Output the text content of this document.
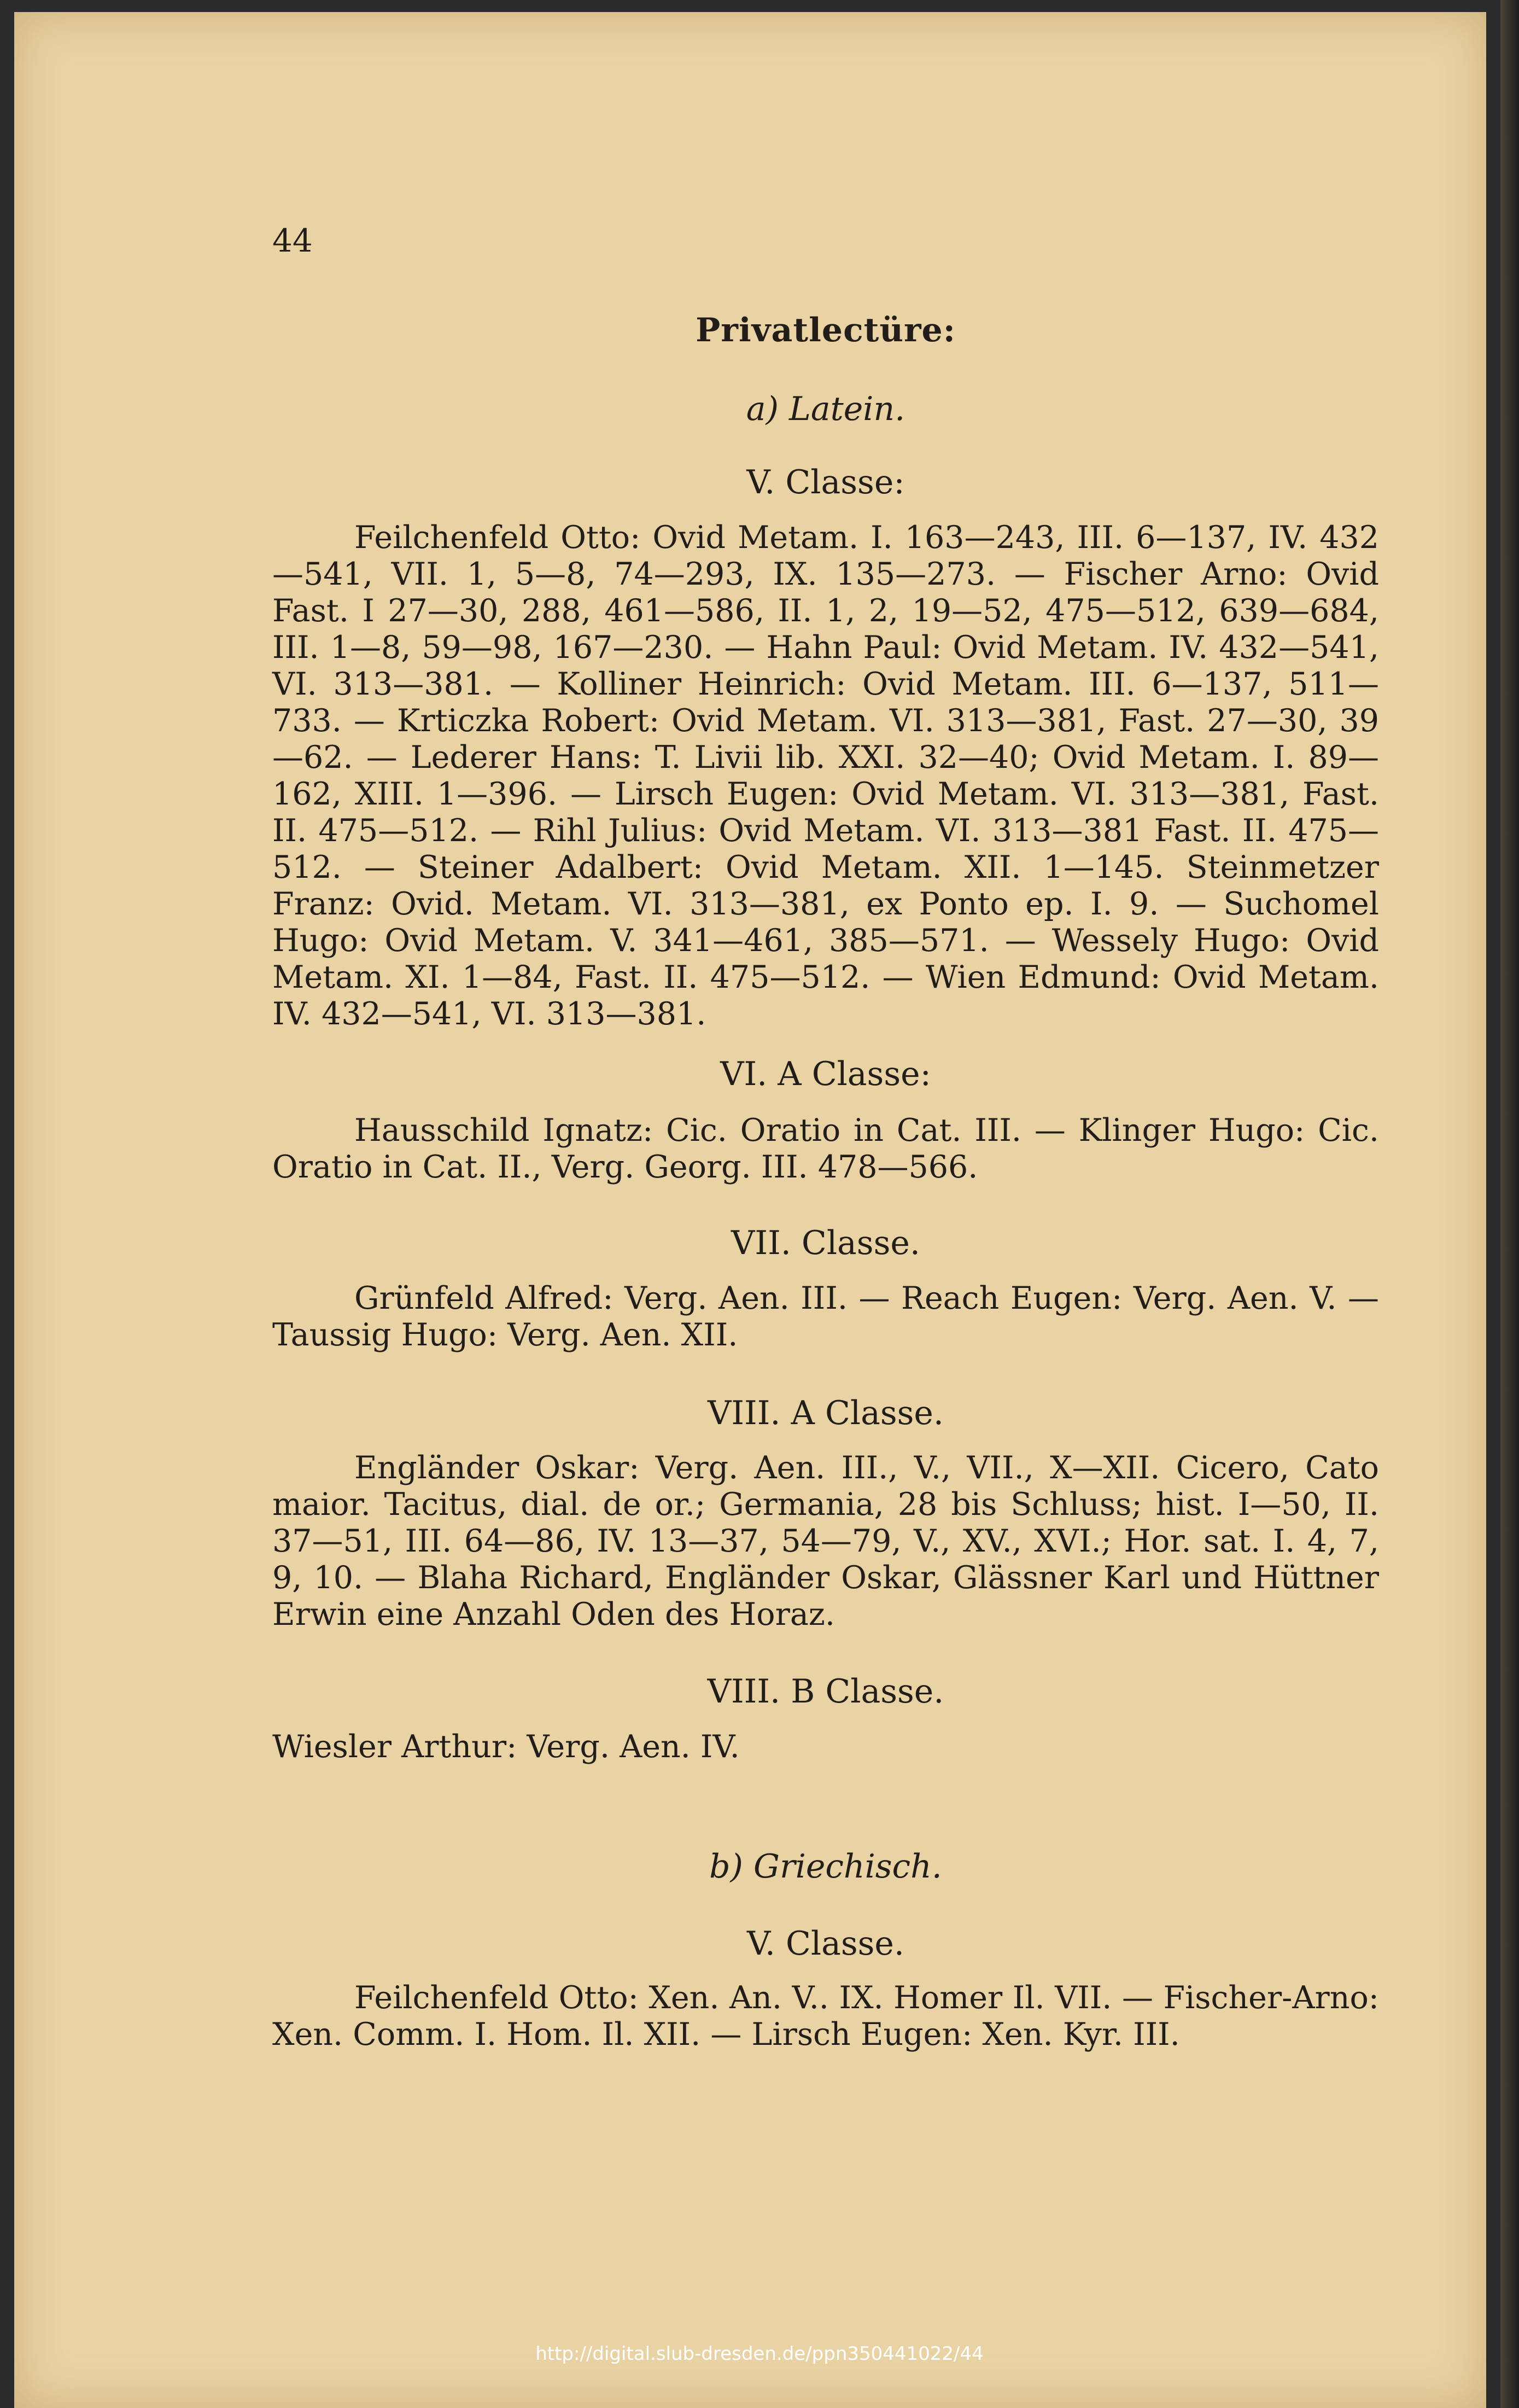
44
Privatlectüre:
a) Latein.
V. Classe:

Feilchenfeld Otto: Ovid Metam. I. 163—243, III. 6—137, IV. 432—541, VII. 1, 5—8, 74—293, IX. 135—273. — Fischer Arno: Ovid Fast. I 27—30, 288, 461—586, II. 1, 2, 19—52, 475—512, 639—684, III. 1—8, 59—98, 167—230. — Hahn Paul: Ovid Metam. IV. 432—541, VI. 313—381. — Kolliner Heinrich: Ovid Metam. III. 6—137, 511—733. — Krticzka Robert: Ovid Metam. VI. 313—381, Fast. 27—30, 39—62. — Lederer Hans: T. Livii lib. XXI. 32—40; Ovid Metam. I. 89—162, XIII. 1—396. — Lirsch Eugen: Ovid Metam. VI. 313—381, Fast. II. 475—512. — Rihl Julius: Ovid Metam. VI. 313—381 Fast. II. 475—512. — Steiner Adalbert: Ovid Metam. XII. 1—145. Steinmetzer Franz: Ovid. Metam. VI. 313—381, ex Ponto ep. I. 9. — Suchomel Hugo: Ovid Metam. V. 341—461, 385—571. — Wessely Hugo: Ovid Metam. XI. 1—84, Fast. II. 475—512. — Wien Edmund: Ovid Metam. IV. 432—541, VI. 313—381.

VI. A Classe:

Hausschild Ignatz: Cic. Oratio in Cat. III. — Klinger Hugo: Cic. Oratio in Cat. II., Verg. Georg. III. 478—566.

VII. Classe.

Grünfeld Alfred: Verg. Aen. III. — Reach Eugen: Verg. Aen. V. — Taussig Hugo: Verg. Aen. XII.

VIII. A Classe.

Engländer Oskar: Verg. Aen. III., V., VII., X—XII. Cicero, Cato maior. Tacitus, dial. de or.; Germania, 28 bis Schluss; hist. I—50, II. 37—51, III. 64—86, IV. 13—37, 54—79, V., XV., XVI.; Hor. sat. I. 4, 7, 9, 10. — Blaha Richard, Engländer Oskar, Glässner Karl und Hüttner Erwin eine Anzahl Oden des Horaz.

VIII. B Classe.

Wiesler Arthur: Verg. Aen. IV.

b) Griechisch.
V. Classe.

Feilchenfeld Otto: Xen. An. V.. IX. Homer Il. VII. — Fischer-Arno: Xen. Comm. I. Hom. Il. XII. — Lirsch Eugen: Xen. Kyr. III.

http://digital.slub-dresden.de/ppn350441022/44
